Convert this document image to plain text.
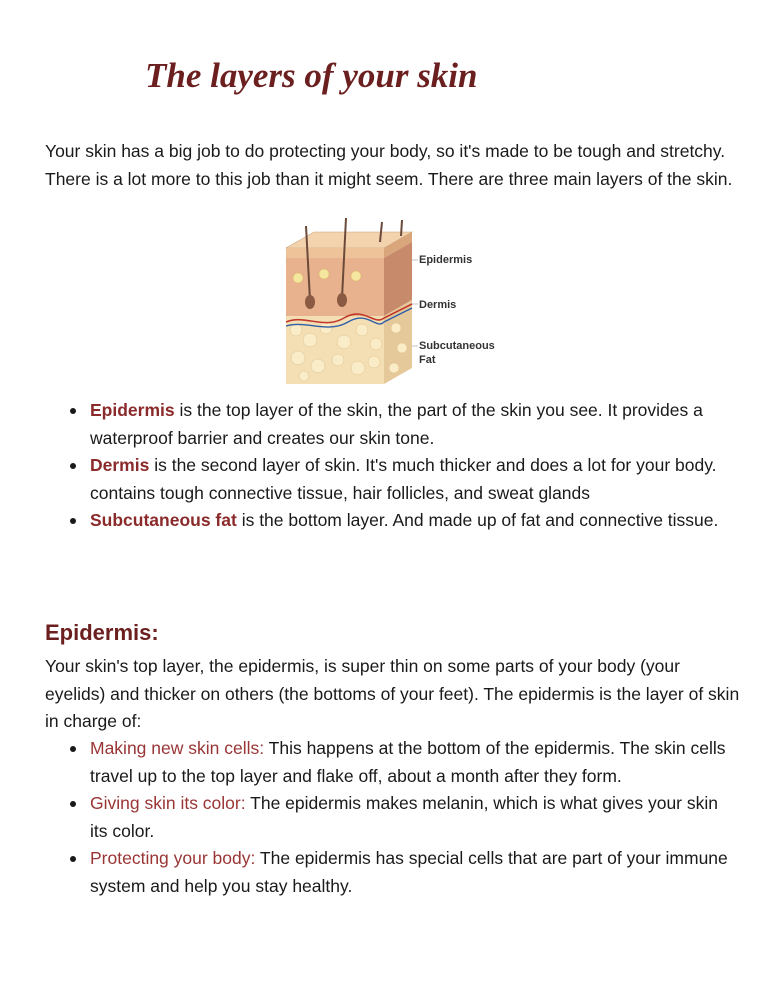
The layers of your skin

Your skin has a big job to do protecting your body, so it's made to be tough and stretchy. There is a lot more to this job than it might seem. There are three main layers of the skin.

Epidermis
Dermis
Subcutaneous
Fat
Epidermis is the top layer of the skin, the part of the skin you see. It provides a waterproof barrier and creates our skin tone.
Dermis is the second layer of skin. It's much thicker and does a lot for your body. contains tough connective tissue, hair follicles, and sweat glands
Subcutaneous fat is the bottom layer. And made up of fat and connective tissue.
Epidermis:

Your skin's top layer, the epidermis, is super thin on some parts of your body (your eyelids) and thicker on others (the bottoms of your feet). The epidermis is the layer of skin in charge of:

Making new skin cells: This happens at the bottom of the epidermis. The skin cells travel up to the top layer and flake off, about a month after they form.
Giving skin its color: The epidermis makes melanin, which is what gives your skin its color.
Protecting your body: The epidermis has special cells that are part of your immune system and help you stay healthy.
